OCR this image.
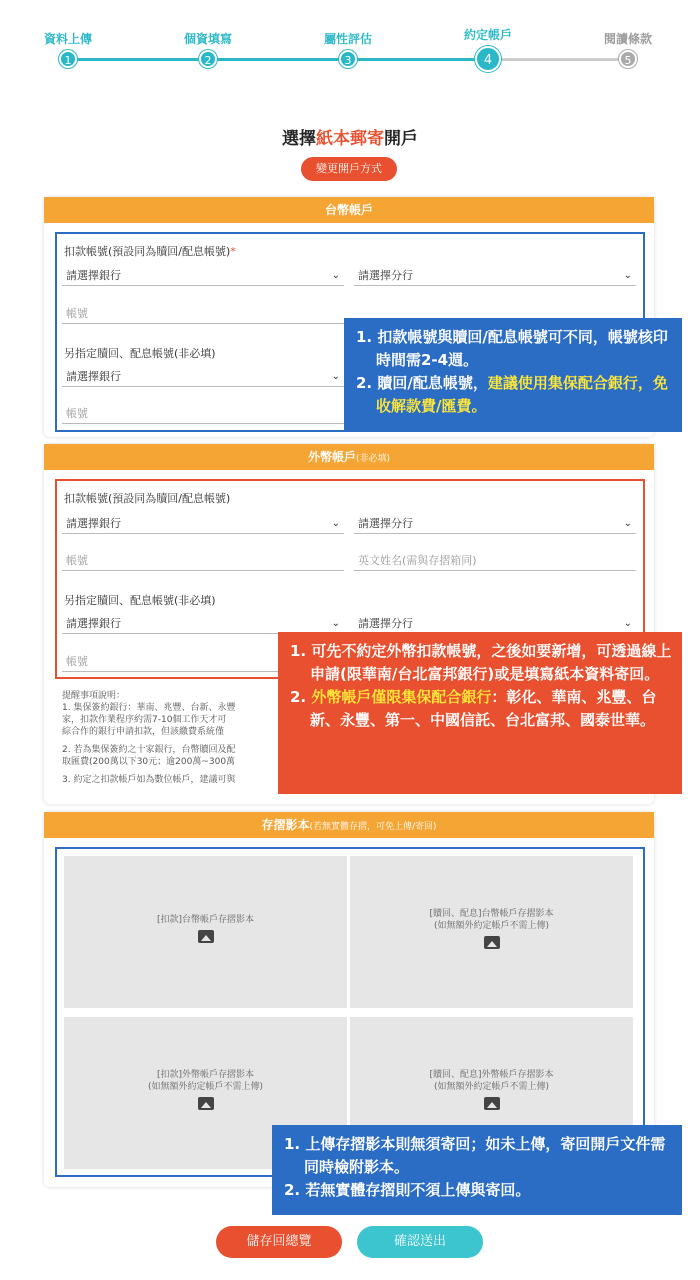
資料上傳
1
個資填寫
2
屬性評估
3
約定帳戶
4
閱讀條款
5
選擇紙本郵寄開戶
變更開戶方式
台幣帳戶
扣款帳號(預設同為贖回/配息帳號)*
請選擇銀行	⌄	請選擇分行	⌄
帳號
另指定贖回、配息帳號(非必填)
請選擇銀行	⌄
帳號
外幣帳戶(非必填)
扣款帳號(預設同為贖回/配息帳號)
請選擇銀行	⌄	請選擇分行	⌄
帳號	英文姓名(需與存摺箱同)
另指定贖回、配息帳號(非必填)
請選擇銀行	⌄	請選擇分行	⌄
帳號
提醒事項說明：
1. 集保簽約銀行：華南、兆豐、台新、永豐
家，扣款作業程序約需7-10個工作天才可
綜合作的銀行申請扣款，但該繳費系統僅
2. 若為集保簽約之十家銀行，台幣贖回及配
取匯費(200萬以下30元；逾200萬~300萬
3. 約定之扣款帳戶如為數位帳戶，建議可與
存摺影本(若無實體存摺，可免上傳/寄回)
[扣款]台幣帳戶存摺影本
[贖回、配息]台幣帳戶存摺影本
(如無額外約定帳戶不需上傳)
[扣款]外幣帳戶存摺影本
(如無額外約定帳戶不需上傳)
[贖回、配息]外幣帳戶存摺影本
(如無額外約定帳戶不需上傳)
1. 扣款帳號與贖回/配息帳號可不同，帳號核印時間需2-4週。
2. 贖回/配息帳號，建議使用集保配合銀行，免收解款費/匯費。
1. 可先不約定外幣扣款帳號，之後如要新增，可透過線上申請(限華南/台北富邦銀行)或是填寫紙本資料寄回。
2. 外幣帳戶僅限集保配合銀行：彰化、華南、兆豐、台新、永豐、第一、中國信託、台北富邦、國泰世華。
1. 上傳存摺影本則無須寄回；如未上傳，寄回開戶文件需同時檢附影本。
2. 若無實體存摺則不須上傳與寄回。
儲存回總覽	確認送出
